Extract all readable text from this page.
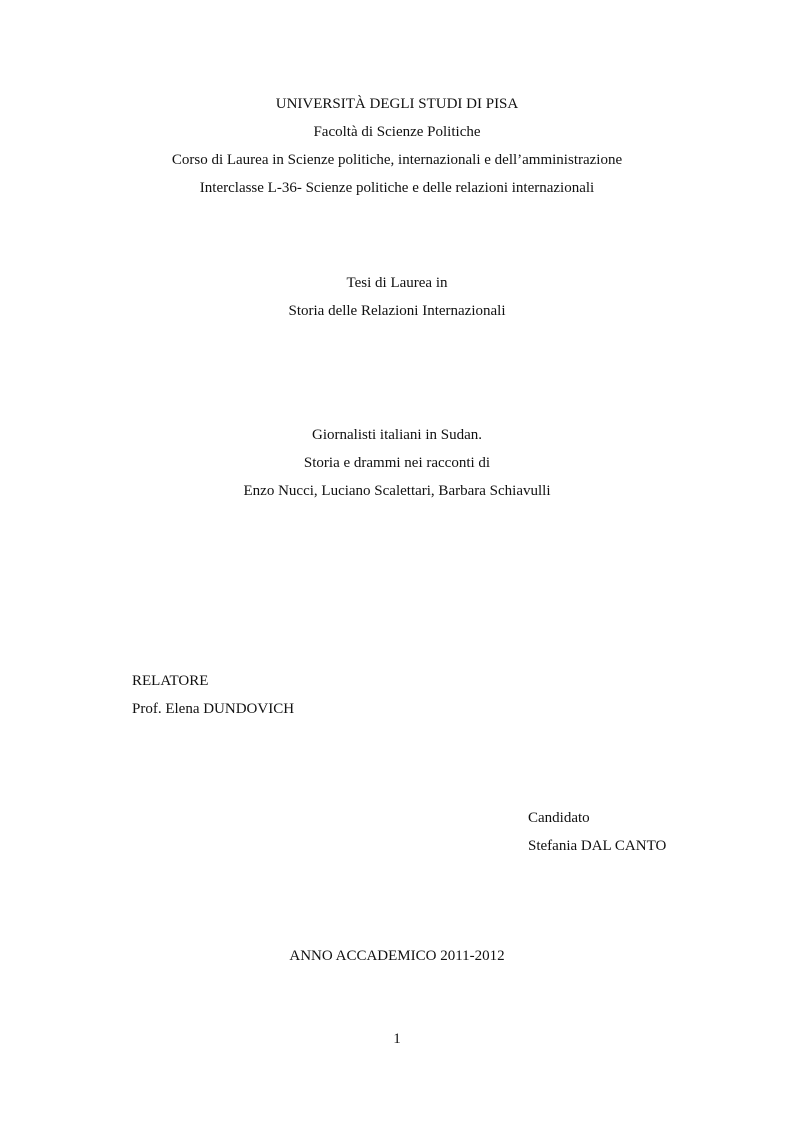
UNIVERSITÀ DEGLI STUDI DI PISA
Facoltà di Scienze Politiche
Corso di Laurea in Scienze politiche, internazionali e dell’amministrazione
Interclasse L-36- Scienze politiche e delle relazioni internazionali
Tesi di Laurea in
Storia delle Relazioni Internazionali
Giornalisti italiani in Sudan.
Storia e drammi nei racconti di
Enzo Nucci, Luciano Scalettari, Barbara Schiavulli
RELATORE
Prof. Elena DUNDOVICH
Candidato
Stefania DAL CANTO
ANNO ACCADEMICO 2011-2012
1
